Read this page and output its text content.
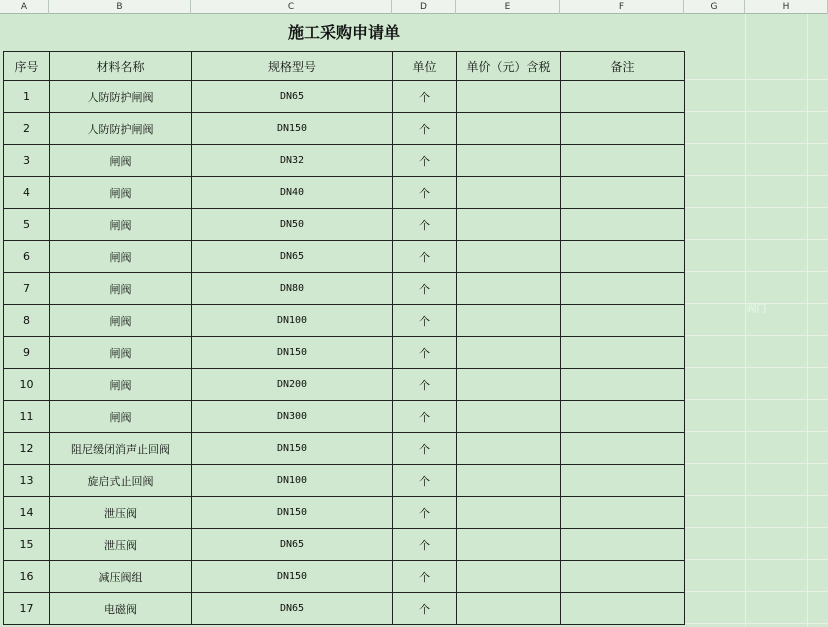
A	B	C	D	E	F	G	H
施工采购申请单
序号	材料名称	规格型号	单位	单价（元）含税	备注
1	人防防护闸阀	DN65	个		
2	人防防护闸阀	DN150	个		
3	闸阀	DN32	个		
4	闸阀	DN40	个		
5	闸阀	DN50	个		
6	闸阀	DN65	个		
7	闸阀	DN80	个		
8	闸阀	DN100	个		
9	闸阀	DN150	个		
10	闸阀	DN200	个		
11	闸阀	DN300	个		
12	阻尼缓闭消声止回阀	DN150	个		
13	旋启式止回阀	DN100	个		
14	泄压阀	DN150	个		
15	泄压阀	DN65	个		
16	减压阀组	DN150	个		
17	电磁阀	DN65	个		
阀门
